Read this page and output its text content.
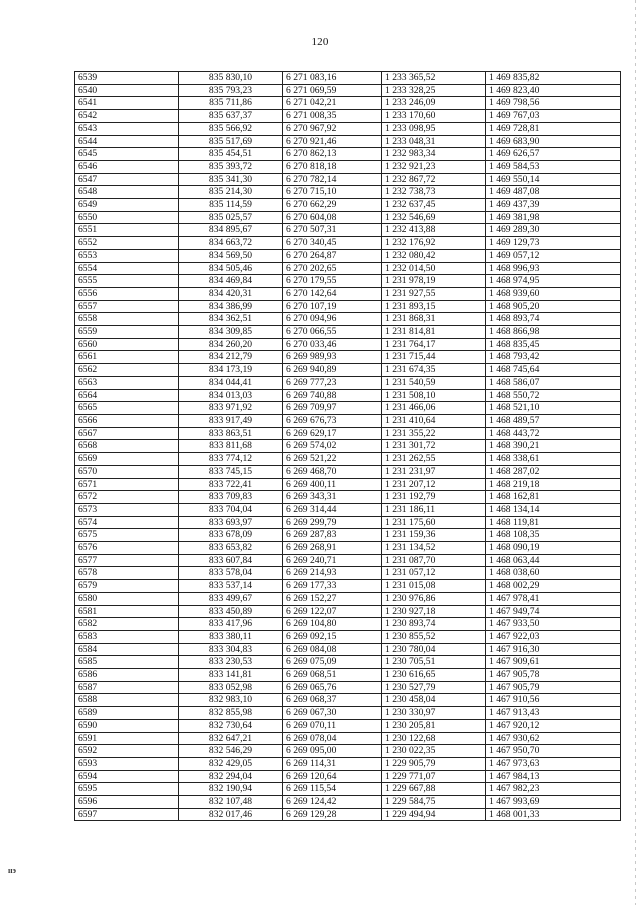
120
6539	835 830,10	6 271 083,16	1 233 365,52	1 469 835,82
6540	835 793,23	6 271 069,59	1 233 328,25	1 469 823,40
6541	835 711,86	6 271 042,21	1 233 246,09	1 469 798,56
6542	835 637,37	6 271 008,35	1 233 170,60	1 469 767,03
6543	835 566,92	6 270 967,92	1 233 098,95	1 469 728,81
6544	835 517,69	6 270 921,46	1 233 048,31	1 469 683,90
6545	835 454,51	6 270 862,13	1 232 983,34	1 469 626,57
6546	835 393,72	6 270 818,18	1 232 921,23	1 469 584,53
6547	835 341,30	6 270 782,14	1 232 867,72	1 469 550,14
6548	835 214,30	6 270 715,10	1 232 738,73	1 469 487,08
6549	835 114,59	6 270 662,29	1 232 637,45	1 469 437,39
6550	835 025,57	6 270 604,08	1 232 546,69	1 469 381,98
6551	834 895,67	6 270 507,31	1 232 413,88	1 469 289,30
6552	834 663,72	6 270 340,45	1 232 176,92	1 469 129,73
6553	834 569,50	6 270 264,87	1 232 080,42	1 469 057,12
6554	834 505,46	6 270 202,65	1 232 014,50	1 468 996,93
6555	834 469,84	6 270 179,55	1 231 978,19	1 468 974,95
6556	834 420,31	6 270 142,64	1 231 927,55	1 468 939,60
6557	834 386,99	6 270 107,19	1 231 893,15	1 468 905,20
6558	834 362,51	6 270 094,96	1 231 868,31	1 468 893,74
6559	834 309,85	6 270 066,55	1 231 814,81	1 468 866,98
6560	834 260,20	6 270 033,46	1 231 764,17	1 468 835,45
6561	834 212,79	6 269 989,93	1 231 715,44	1 468 793,42
6562	834 173,19	6 269 940,89	1 231 674,35	1 468 745,64
6563	834 044,41	6 269 777,23	1 231 540,59	1 468 586,07
6564	834 013,03	6 269 740,88	1 231 508,10	1 468 550,72
6565	833 971,92	6 269 709,97	1 231 466,06	1 468 521,10
6566	833 917,49	6 269 676,73	1 231 410,64	1 468 489,57
6567	833 863,51	6 269 629,17	1 231 355,22	1 468 443,72
6568	833 811,68	6 269 574,02	1 231 301,72	1 468 390,21
6569	833 774,12	6 269 521,22	1 231 262,55	1 468 338,61
6570	833 745,15	6 269 468,70	1 231 231,97	1 468 287,02
6571	833 722,41	6 269 400,11	1 231 207,12	1 468 219,18
6572	833 709,83	6 269 343,31	1 231 192,79	1 468 162,81
6573	833 704,04	6 269 314,44	1 231 186,11	1 468 134,14
6574	833 693,97	6 269 299,79	1 231 175,60	1 468 119,81
6575	833 678,09	6 269 287,83	1 231 159,36	1 468 108,35
6576	833 653,82	6 269 268,91	1 231 134,52	1 468 090,19
6577	833 607,84	6 269 240,71	1 231 087,70	1 468 063,44
6578	833 578,04	6 269 214,93	1 231 057,12	1 468 038,60
6579	833 537,14	6 269 177,33	1 231 015,08	1 468 002,29
6580	833 499,67	6 269 152,27	1 230 976,86	1 467 978,41
6581	833 450,89	6 269 122,07	1 230 927,18	1 467 949,74
6582	833 417,96	6 269 104,80	1 230 893,74	1 467 933,50
6583	833 380,11	6 269 092,15	1 230 855,52	1 467 922,03
6584	833 304,83	6 269 084,08	1 230 780,04	1 467 916,30
6585	833 230,53	6 269 075,09	1 230 705,51	1 467 909,61
6586	833 141,81	6 269 068,51	1 230 616,65	1 467 905,78
6587	833 052,98	6 269 065,76	1 230 527,79	1 467 905,79
6588	832 983,10	6 269 068,37	1 230 458,04	1 467 910,56
6589	832 855,98	6 269 067,30	1 230 330,97	1 467 913,43
6590	832 730,64	6 269 070,11	1 230 205,81	1 467 920,12
6591	832 647,21	6 269 078,04	1 230 122,68	1 467 930,62
6592	832 546,29	6 269 095,00	1 230 022,35	1 467 950,70
6593	832 429,05	6 269 114,31	1 229 905,79	1 467 973,63
6594	832 294,04	6 269 120,64	1 229 771,07	1 467 984,13
6595	832 190,94	6 269 115,54	1 229 667,88	1 467 982,23
6596	832 107,48	6 269 124,42	1 229 584,75	1 467 993,69
6597	832 017,46	6 269 129,28	1 229 494,94	1 468 001,33
ııэ
